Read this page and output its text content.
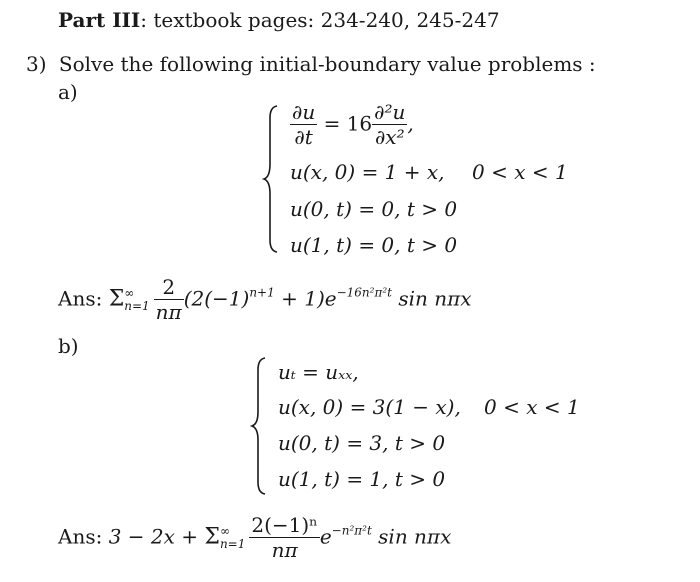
Part III: textbook pages: 234-240, 245-247
3) Solve the following initial-boundary value problems :
a)
$\frac{\partial u}{\partial t} = 16 \frac{\text{∂²u}}{\text{∂x²}}$ ,
u(x, 0) = 1 + x, 0 < x < 1
u(0, t) = 0, t > 0
u(1, t) = 0, t > 0
Ans: Σ ∞
$n=1 \frac{2}{n\pi} (2(-1)^{n+1} + 1)e^{-16n^2\pi^2t}$ sin nπx
b)
uₜ = uₓₓ,
u(x, 0) = 3(1 − x), 0 < x < 1
u(0, t) = 3, t > 0
u(1, t) = 1, t > 0
Ans: 3 − 2x + Σ ∞
$n=1 \frac{\text{2(−1)ⁿ}}{n\pi} e^{-n^2\pi^2t}$ sin nπx
